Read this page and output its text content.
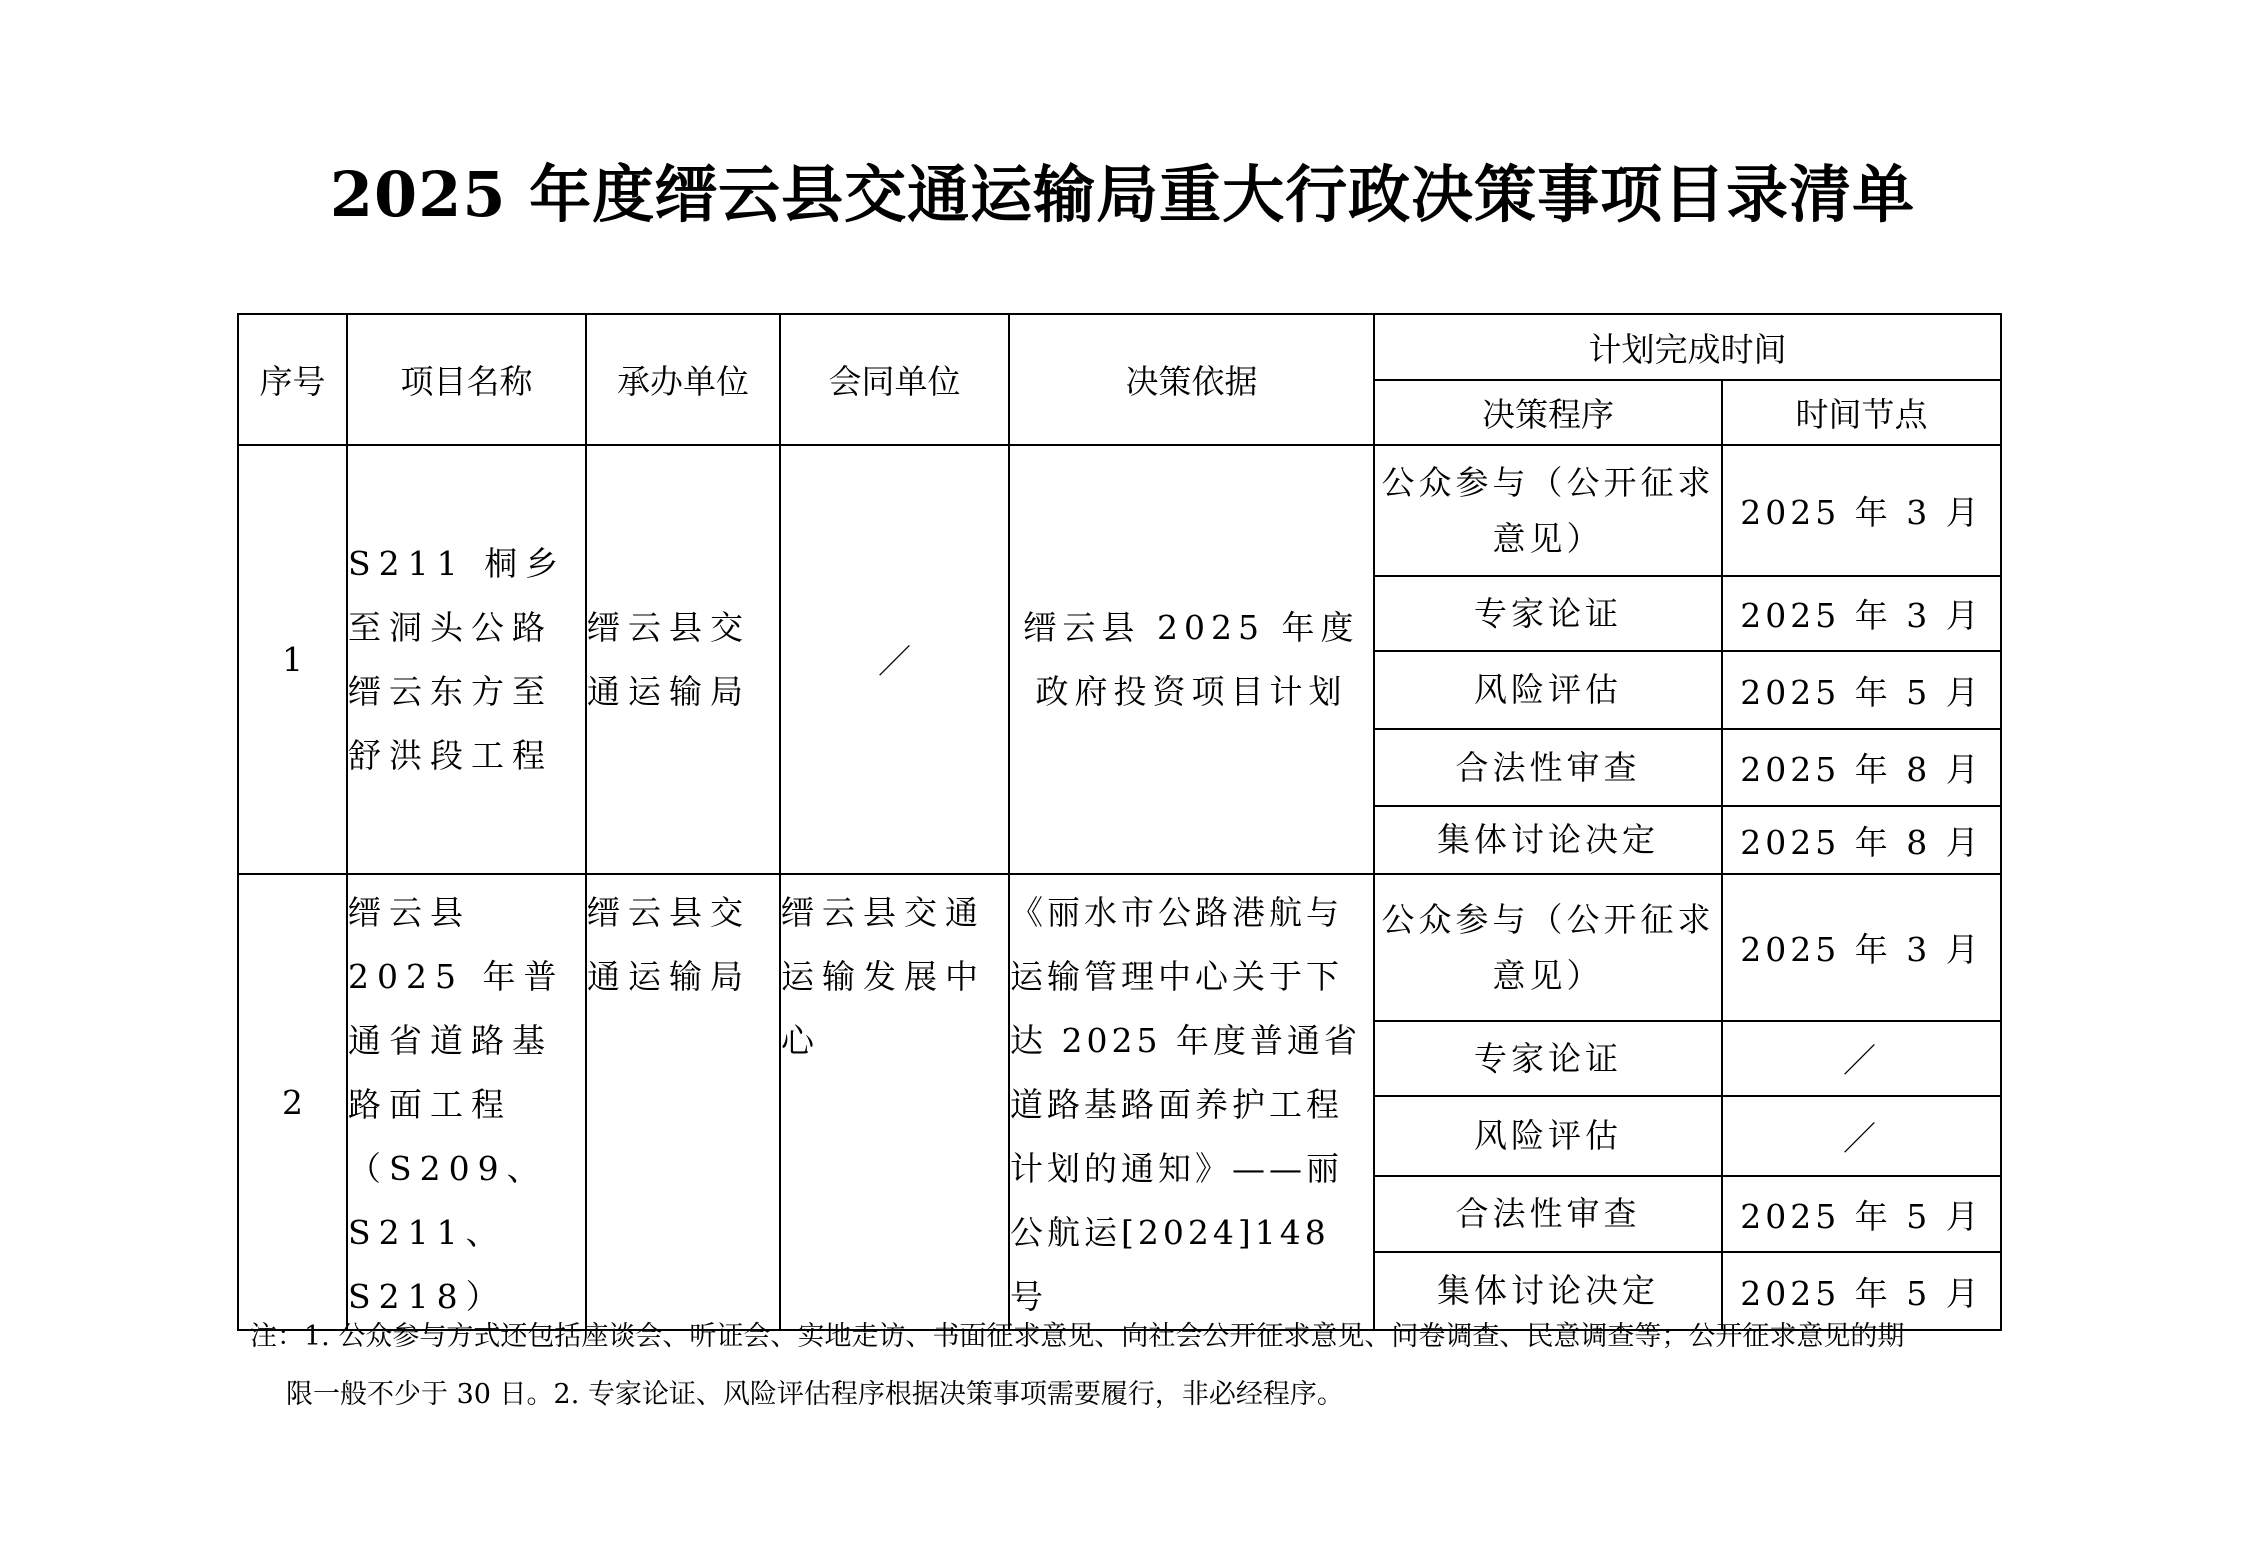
2025 年度缙云县交通运输局重大行政决策事项目录清单
序号	项目名称	承办单位	会同单位	决策依据	计划完成时间	
					决策程序	时间节点
1	S211 桐乡至洞头公路缙云东方至舒洪段工程	缙云县交通运输局	／	缙云县 2025 年度政府投资项目计划	公众参与（公开征求意见）	2025 年 3 月
					专家论证	2025 年 3 月
					风险评估	2025 年 5 月
					合法性审查	2025 年 8 月
					集体讨论决定	2025 年 8 月
2	缙云县 2025 年普通省道路基路面工程（S209、S211、S218）	缙云县交通运输局	缙云县交通运输发展中心	《丽水市公路港航与运输管理中心关于下达 2025 年度普通省道路基路面养护工程计划的通知》——丽公航运[2024]148 号	公众参与（公开征求意见）	2025 年 3 月
					专家论证	／
					风险评估	／
					合法性审查	2025 年 5 月
					集体讨论决定	2025 年 5 月
注：1. 公众参与方式还包括座谈会、听证会、实地走访、书面征求意见、向社会公开征求意见、问卷调查、民意调查等；公开征求意见的期
限一般不少于 30 日。2. 专家论证、风险评估程序根据决策事项需要履行，非必经程序。
